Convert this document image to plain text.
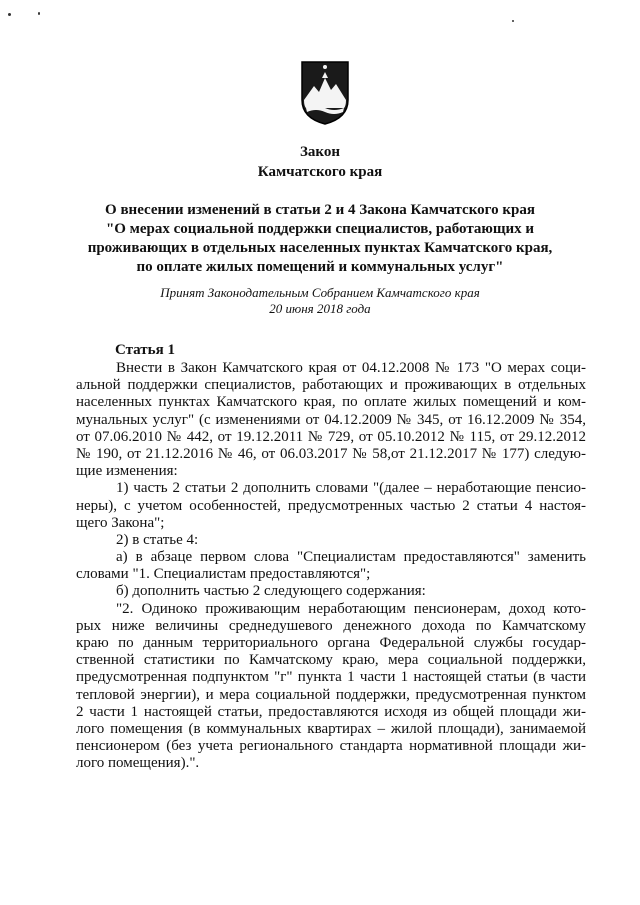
Закон
Камчатского края
О внесении изменений в статьи 2 и 4 Закона Камчатского края
"О мерах социальной поддержки специалистов, работающих и
проживающих в отдельных населенных пунктах Камчатского края,
по оплате жилых помещений и коммунальных услуг"
Принят Законодательным Собранием Камчатского края
20 июня 2018 года
Статья 1
Внести в Закон Камчатского края от 04.12.2008 № 173 "О мерах соци-
альной поддержки специалистов, работающих и проживающих в отдельных
населенных пунктах Камчатского края, по оплате жилых помещений и ком-
мунальных услуг" (с изменениями от 04.12.2009 № 345, от 16.12.2009 № 354,
от 07.06.2010 № 442, от 19.12.2011 № 729, от 05.10.2012 № 115, от 29.12.2012
№ 190, от 21.12.2016 № 46, от 06.03.2017 № 58,от 21.12.2017 № 177) следую-
щие изменения:
1) часть 2 статьи 2 дополнить словами "(далее – неработающие пенсио-
неры), с учетом особенностей, предусмотренных частью 2 статьи 4 настоя-
щего Закона";
2) в статье 4:
а) в абзаце первом слова "Специалистам предоставляются" заменить
словами "1. Специалистам предоставляются";
б) дополнить частью 2 следующего содержания:
"2. Одиноко проживающим неработающим пенсионерам, доход кото-
рых ниже величины среднедушевого денежного дохода по Камчатскому
краю по данным территориального органа Федеральной службы государ-
ственной статистики по Камчатскому краю, мера социальной поддержки,
предусмотренная подпунктом "г" пункта 1 части 1 настоящей статьи (в части
тепловой энергии), и мера социальной поддержки, предусмотренная пунктом
2 части 1 настоящей статьи, предоставляются исходя из общей площади жи-
лого помещения (в коммунальных квартирах – жилой площади), занимаемой
пенсионером (без учета регионального стандарта нормативной площади жи-
лого помещения).".
